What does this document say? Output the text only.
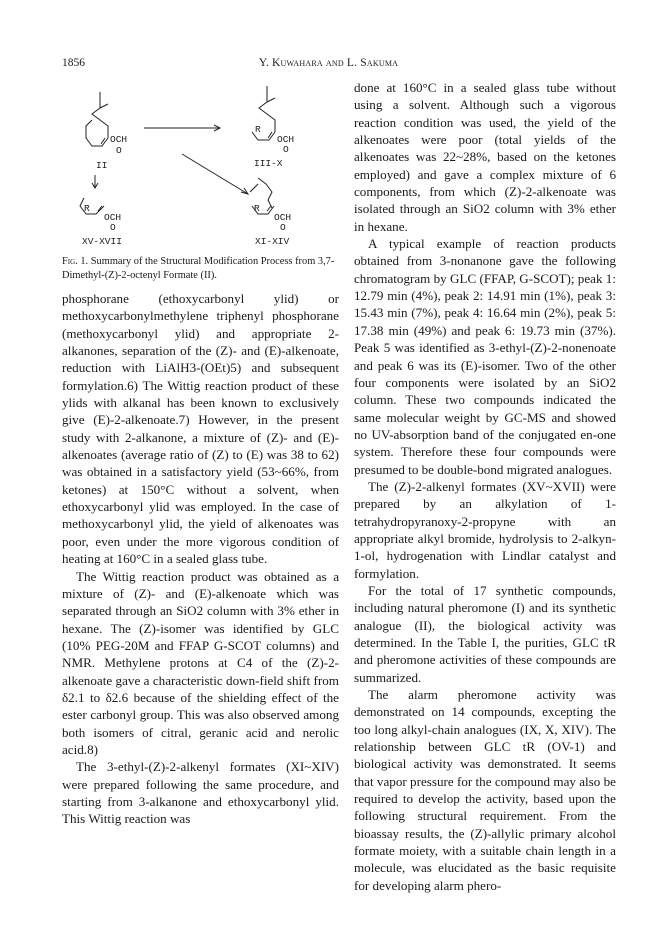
1856	Y. Kuwahara and L. Sakuma
OCH
O
II
R
OCH
O
III-X
R
OCH
O
XV-XVII
R
OCH
O
XI-XIV
Fig. 1. Summary of the Structural Modification Process from 3,7-Dimethyl-(Z)-2-octenyl Formate (II).

phosphorane (ethoxycarbonyl ylid) or methoxycarbonylmethylene triphenyl phosphorane (methoxycarbonyl ylid) and appropriate 2-alkanones, separation of the (Z)- and (E)-alkenoate, reduction with LiAlH3-(OEt)5) and subsequent formylation.6) The Wittig reaction product of these ylids with alkanal has been known to exclusively give (E)-2-alkenoate.7) However, in the present study with 2-alkanone, a mixture of (Z)- and (E)-alkenoates (average ratio of (Z) to (E) was 38 to 62) was obtained in a satisfactory yield (53~66%, from ketones) at 150°C without a solvent, when ethoxycarbonyl ylid was employed. In the case of methoxycarbonyl ylid, the yield of alkenoates was poor, even under the more vigorous condition of heating at 160°C in a sealed glass tube.

The Wittig reaction product was obtained as a mixture of (Z)- and (E)-alkenoate which was separated through an SiO2 column with 3% ether in hexane. The (Z)-isomer was identified by GLC (10% PEG-20M and FFAP G-SCOT columns) and NMR. Methylene protons at C4 of the (Z)-2-alkenoate gave a characteristic down-field shift from δ2.1 to δ2.6 because of the shielding effect of the ester carbonyl group. This was also observed among both isomers of citral, geranic acid and nerolic acid.8)

The 3-ethyl-(Z)-2-alkenyl formates (XI~XIV) were prepared following the same procedure, and starting from 3-alkanone and ethoxycarbonyl ylid. This Wittig reaction was

done at 160°C in a sealed glass tube without using a solvent. Although such a vigorous reaction condition was used, the yield of the alkenoates were poor (total yields of the alkenoates was 22~28%, based on the ketones employed) and gave a complex mixture of 6 components, from which (Z)-2-alkenoate was isolated through an SiO2 column with 3% ether in hexane.

A typical example of reaction products obtained from 3-nonanone gave the following chromatogram by GLC (FFAP, G-SCOT); peak 1: 12.79 min (4%), peak 2: 14.91 min (1%), peak 3: 15.43 min (7%), peak 4: 16.64 min (2%), peak 5: 17.38 min (49%) and peak 6: 19.73 min (37%). Peak 5 was identified as 3-ethyl-(Z)-2-nonenoate and peak 6 was its (E)-isomer. Two of the other four components were isolated by an SiO2 column. These two compounds indicated the same molecular weight by GC-MS and showed no UV-absorption band of the conjugated en-one system. Therefore these four compounds were presumed to be double-bond migrated analogues.

The (Z)-2-alkenyl formates (XV~XVII) were prepared by an alkylation of 1-tetrahydropyranoxy-2-propyne with an appropriate alkyl bromide, hydrolysis to 2-alkyn-1-ol, hydrogenation with Lindlar catalyst and formylation.

For the total of 17 synthetic compounds, including natural pheromone (I) and its synthetic analogue (II), the biological activity was determined. In the Table I, the purities, GLC tR and pheromone activities of these compounds are summarized.

The alarm pheromone activity was demonstrated on 14 compounds, excepting the too long alkyl-chain analogues (IX, X, XIV). The relationship between GLC tR (OV-1) and biological activity was demonstrated. It seems that vapor pressure for the compound may also be required to develop the activity, based upon the following structural requirement. From the bioassay results, the (Z)-allylic primary alcohol formate moiety, with a suitable chain length in a molecule, was elucidated as the basic requisite for developing alarm phero-
